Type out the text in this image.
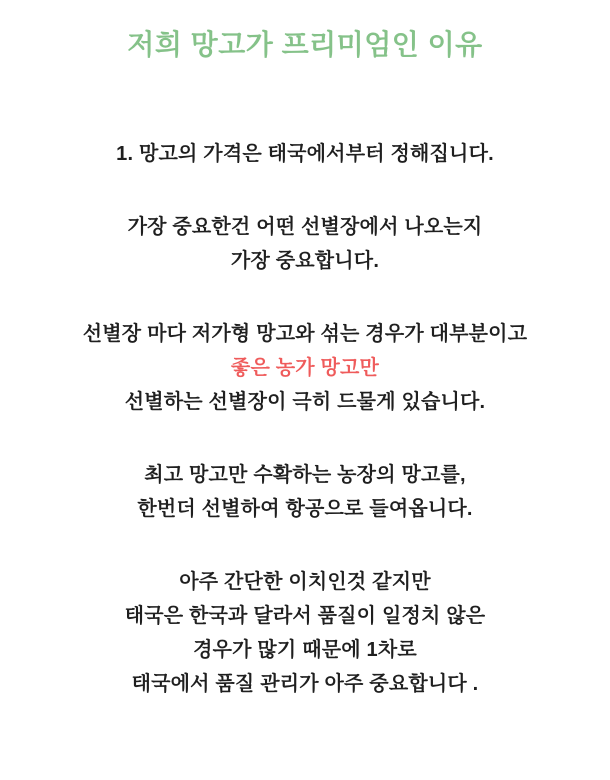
저희 망고가 프리미엄인 이유
1. 망고의 가격은 태국에서부터 정해집니다.
가장 중요한건 어떤 선별장에서 나오는지
가장 중요합니다.
선별장 마다 저가형 망고와 섞는 경우가 대부분이고
좋은 농가 망고만
선별하는 선별장이 극히 드물게 있습니다.
최고 망고만 수확하는 농장의 망고를,
한번더 선별하여 항공으로 들여옵니다.
아주 간단한 이치인것 같지만
태국은 한국과 달라서 품질이 일정치 않은
경우가 많기 때문에 1차로
태국에서 품질 관리가 아주 중요합니다 .
